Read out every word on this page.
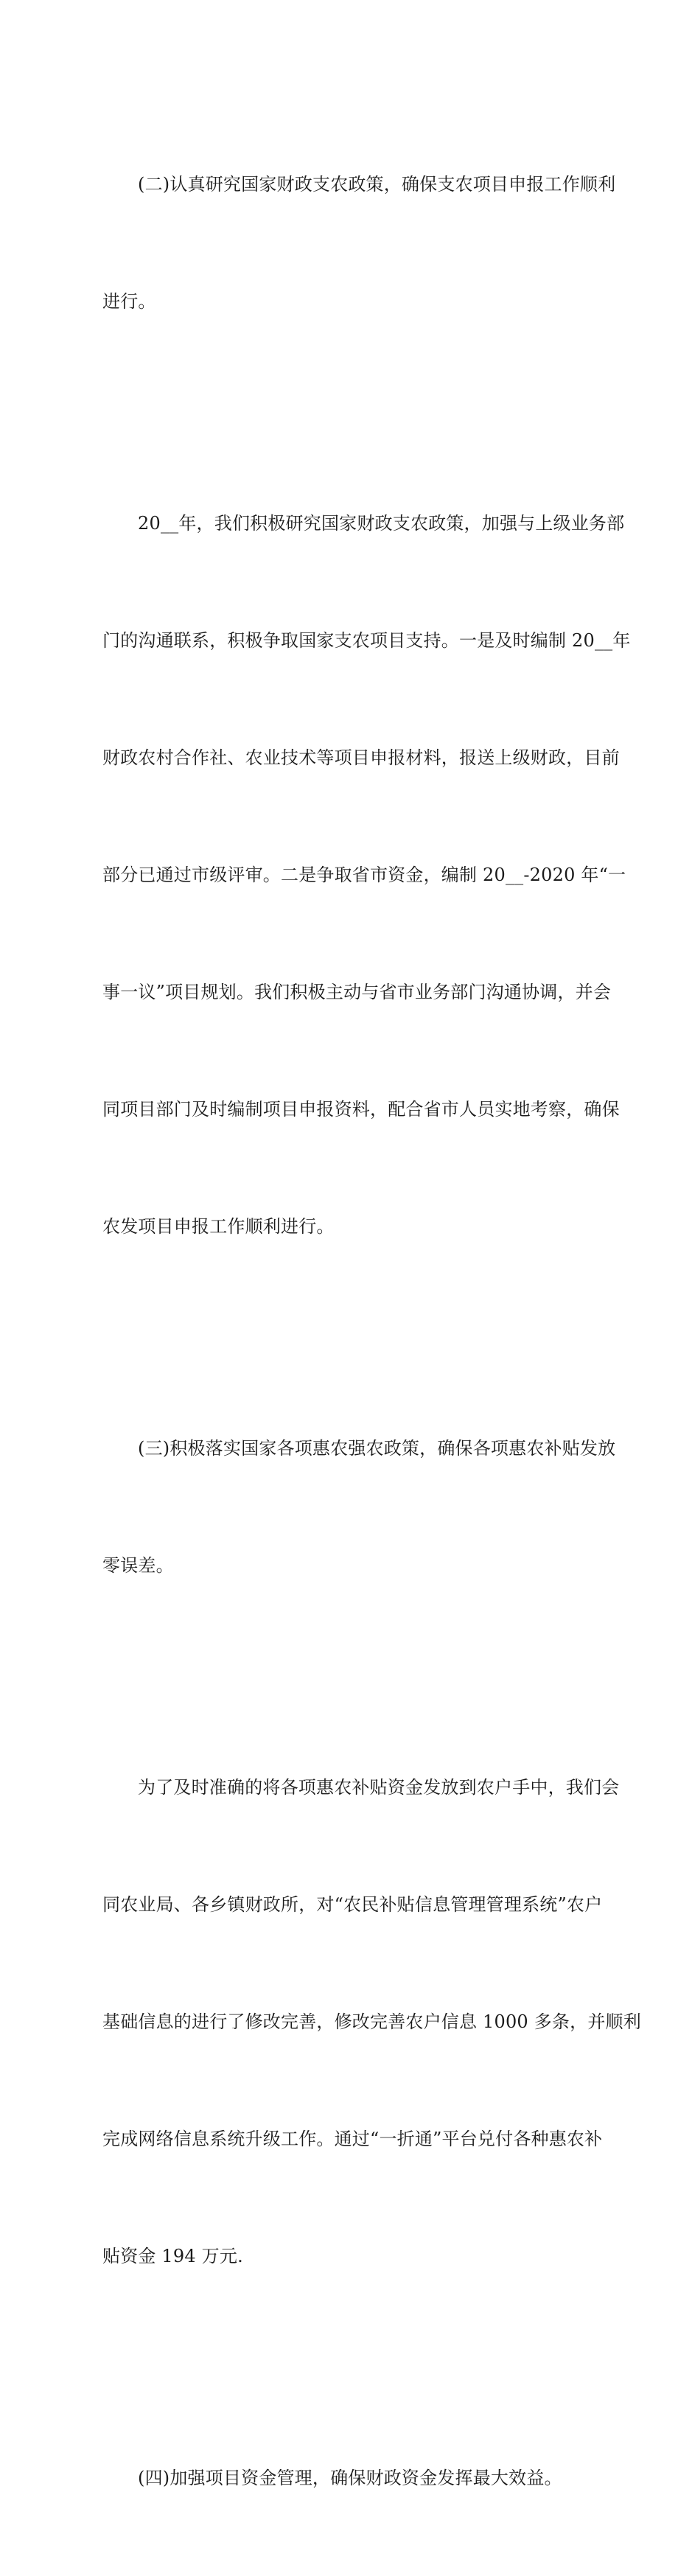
(二)认真研究国家财政支农政策，确保支农项目申报工作顺利

进行。

20__年，我们积极研究国家财政支农政策，加强与上级业务部

门的沟通联系，积极争取国家支农项目支持。一是及时编制 20__年

财政农村合作社、农业技术等项目申报材料，报送上级财政，目前

部分已通过市级评审。二是争取省市资金，编制 20__-2020 年“一

事一议”项目规划。我们积极主动与省市业务部门沟通协调，并会

同项目部门及时编制项目申报资料，配合省市人员实地考察，确保

农发项目申报工作顺利进行。

(三)积极落实国家各项惠农强农政策，确保各项惠农补贴发放

零误差。

为了及时准确的将各项惠农补贴资金发放到农户手中，我们会

同农业局、各乡镇财政所，对“农民补贴信息管理管理系统”农户

基础信息的进行了修改完善，修改完善农户信息 1000 多条，并顺利

完成网络信息系统升级工作。通过“一折通”平台兑付各种惠农补

贴资金 194 万元.

(四)加强项目资金管理，确保财政资金发挥最大效益。
